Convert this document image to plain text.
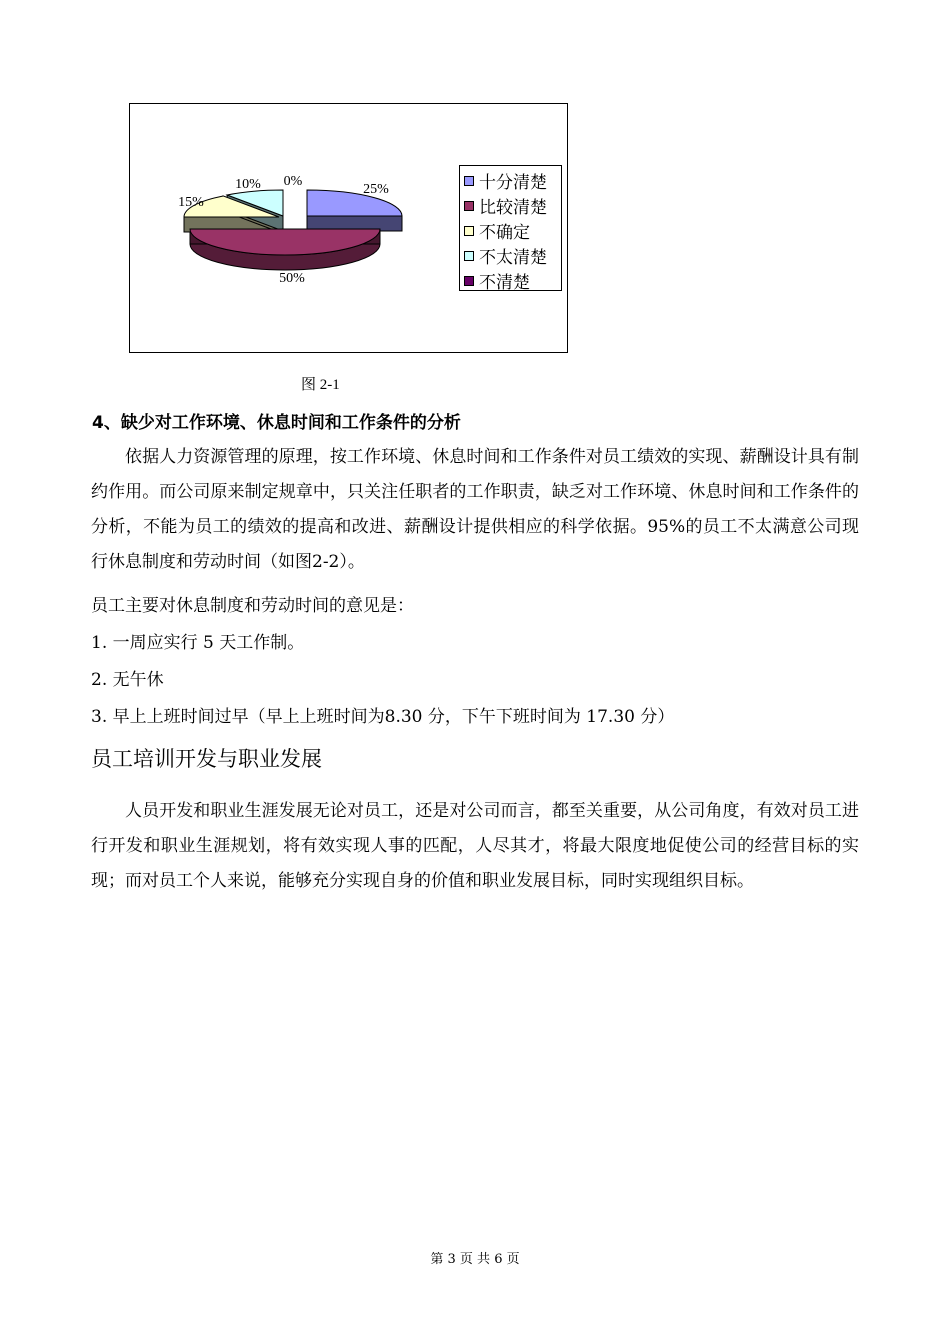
25%
50%
15%
10% 0%	十分清楚
比较清楚
不确定
不太清楚
不清楚
图 2-1
4、缺少对工作环境、休息时间和工作条件的分析
依据人力资源管理的原理，按工作环境、休息时间和工作条件对员工绩效的实现、薪酬设计具有制约作用。而公司原来制定规章中，只关注任职者的工作职责，缺乏对工作环境、休息时间和工作条件的分析，不能为员工的绩效的提高和改进、薪酬设计提供相应的科学依据。95%的员工不太满意公司现行休息制度和劳动时间（如图2-2）。
员工主要对休息制度和劳动时间的意见是：
1. 一周应实行 5 天工作制。
2. 无午休
3. 早上上班时间过早（早上上班时间为8.30 分，下午下班时间为 17.30 分）
员工培训开发与职业发展
人员开发和职业生涯发展无论对员工，还是对公司而言，都至关重要，从公司角度，有效对员工进行开发和职业生涯规划，将有效实现人事的匹配，人尽其才，将最大限度地促使公司的经营目标的实现；而对员工个人来说，能够充分实现自身的价值和职业发展目标，同时实现组织目标。
第 3 页 共 6 页
